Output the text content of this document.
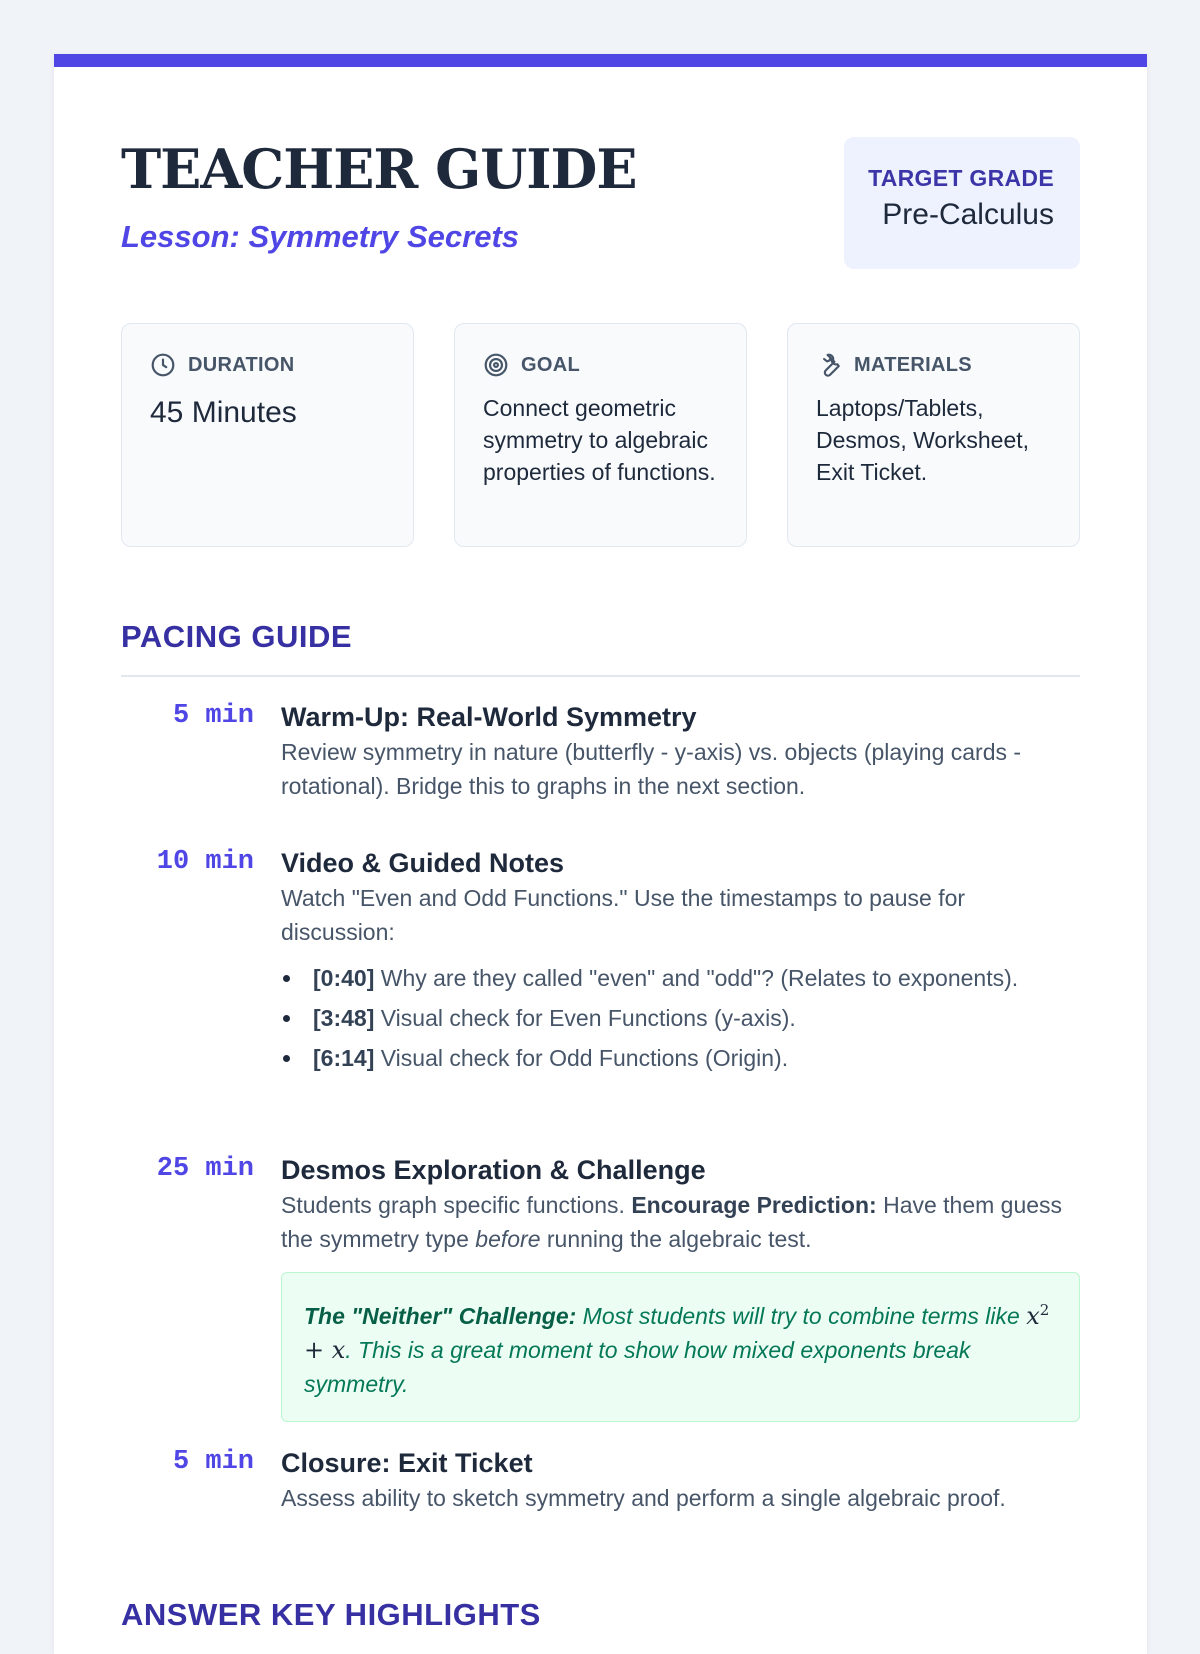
TEACHER GUIDE
Lesson: Symmetry Secrets
TARGET GRADE
Pre-Calculus
DURATION
45 Minutes
GOAL
Connect geometric symmetry to algebraic properties of functions.
MATERIALS
Laptops/Tablets, Desmos, Worksheet, Exit Ticket.
PACING GUIDE
5 min Warm-Up: Real-World Symmetry
Review symmetry in nature (butterfly - y-axis) vs. objects (playing cards - rotational). Bridge this to graphs in the next section.
10 min Video & Guided Notes
Watch "Even and Odd Functions." Use the timestamps to pause for discussion:
[0:40] Why are they called "even" and "odd"? (Relates to exponents).
[3:48] Visual check for Even Functions (y-axis).
[6:14] Visual check for Odd Functions (Origin).
25 min Desmos Exploration & Challenge
Students graph specific functions. Encourage Prediction: Have them guess the symmetry type before running the algebraic test.
The "Neither" Challenge: Most students will try to combine terms like $x^2 + x$. This is a great moment to show how mixed exponents break symmetry.
5 min Closure: Exit Ticket
Assess ability to sketch symmetry and perform a single algebraic proof.
ANSWER KEY HIGHLIGHTS
